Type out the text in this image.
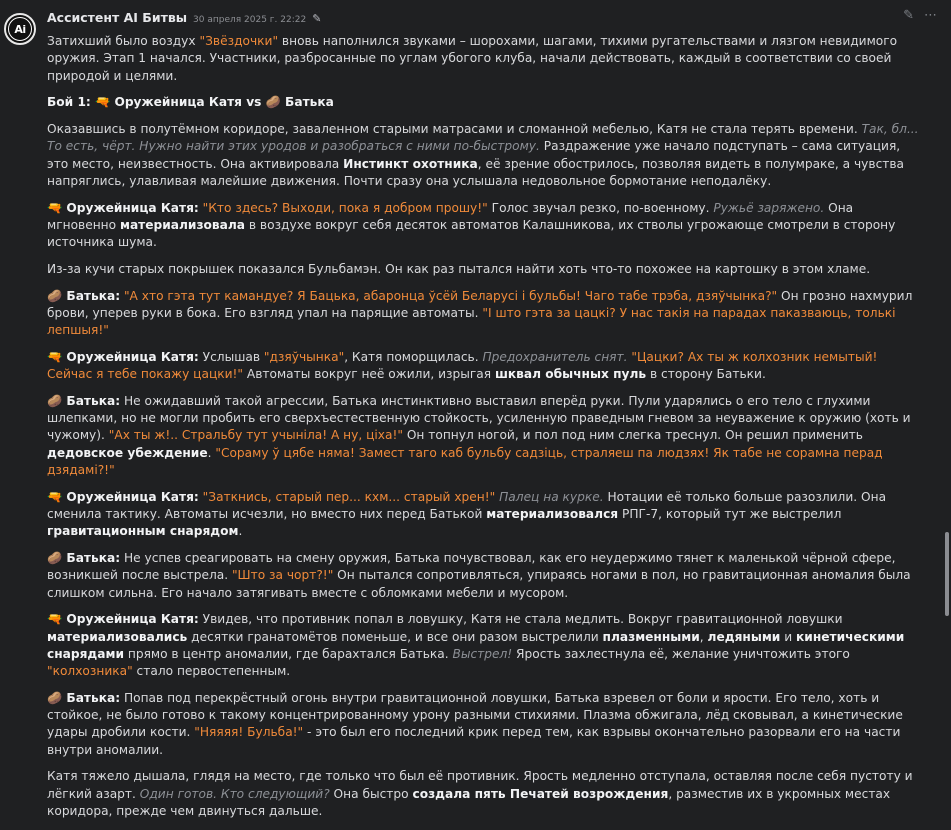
Ai
Ассистент AI Битвы 30 апреля 2025 г. 22:22 ✎	✎ ⋯

Затихший было воздух "Звёздочки" вновь наполнился звуками – шорохами, шагами, тихими ругательствами и лязгом невидимого оружия. Этап 1 начался. Участники, разбросанные по углам убогого клуба, начали действовать, каждый в соответствии со своей природой и целями.

Бой 1: 🔫 Оружейница Катя vs 🥔 Батька

Оказавшись в полутёмном коридоре, заваленном старыми матрасами и сломанной мебелью, Катя не стала терять времени. Так, бл... То есть, чёрт. Нужно найти этих уродов и разобраться с ними по-быстрому. Раздражение уже начало подступать – сама ситуация, это место, неизвестность. Она активировала Инстинкт охотника, её зрение обострилось, позволяя видеть в полумраке, а чувства напряглись, улавливая малейшие движения. Почти сразу она услышала недовольное бормотание неподалёку.

🔫 Оружейница Катя: "Кто здесь? Выходи, пока я добром прошу!" Голос звучал резко, по-военному. Ружьё заряжено. Она мгновенно материализовала в воздухе вокруг себя десяток автоматов Калашникова, их стволы угрожающе смотрели в сторону источника шума.

Из-за кучи старых покрышек показался Бульбамэн. Он как раз пытался найти хоть что-то похожее на картошку в этом хламе.

🥔 Батька: "А хто гэта тут камандуе? Я Бацька, абаронца ўсёй Беларусі і бульбы! Чаго табе трэба, дзяўчынка?" Он грозно нахмурил брови, уперев руки в бока. Его взгляд упал на парящие автоматы. "І што гэта за цацкі? У нас такія на парадах паказваюць, толькі лепшыя!"

🔫 Оружейница Катя: Услышав "дзяўчынка", Катя поморщилась. Предохранитель снят. "Цацки? Ах ты ж колхозник немытый! Сейчас я тебе покажу цацки!" Автоматы вокруг неё ожили, изрыгая шквал обычных пуль в сторону Батьки.

🥔 Батька: Не ожидавший такой агрессии, Батька инстинктивно выставил вперёд руки. Пули ударялись о его тело с глухими шлепками, но не могли пробить его сверхъестественную стойкость, усиленную праведным гневом за неуважение к оружию (хоть и чужому). "Ах ты ж!.. Стральбу тут учыніла! А ну, ціха!" Он топнул ногой, и пол под ним слегка треснул. Он решил применить дедовское убеждение. "Сораму ў цябе няма! Замест таго каб бульбу садзіць, страляеш па людзях! Як табе не сорамна перад дзядамі?!"

🔫 Оружейница Катя: "Заткнись, старый пер... кхм... старый хрен!" Палец на курке. Нотации её только больше разозлили. Она сменила тактику. Автоматы исчезли, но вместо них перед Батькой материализовался РПГ-7, который тут же выстрелил гравитационным снарядом.

🥔 Батька: Не успев среагировать на смену оружия, Батька почувствовал, как его неудержимо тянет к маленькой чёрной сфере, возникшей после выстрела. "Што за чорт?!" Он пытался сопротивляться, упираясь ногами в пол, но гравитационная аномалия была слишком сильна. Его начало затягивать вместе с обломками мебели и мусором.

🔫 Оружейница Катя: Увидев, что противник попал в ловушку, Катя не стала медлить. Вокруг гравитационной ловушки материализовались десятки гранатомётов поменьше, и все они разом выстрелили плазменными, ледяными и кинетическими снарядами прямо в центр аномалии, где барахтался Батька. Выстрел! Ярость захлестнула её, желание уничтожить этого "колхозника" стало первостепенным.

🥔 Батька: Попав под перекрёстный огонь внутри гравитационной ловушки, Батька взревел от боли и ярости. Его тело, хоть и стойкое, не было готово к такому концентрированному урону разными стихиями. Плазма обжигала, лёд сковывал, а кинетические удары дробили кости. "Няяяя! Бульба!" - это был его последний крик перед тем, как взрывы окончательно разорвали его на части внутри аномалии.

Катя тяжело дышала, глядя на место, где только что был её противник. Ярость медленно отступала, оставляя после себя пустоту и лёгкий азарт. Один готов. Кто следующий? Она быстро создала пять Печатей возрождения, разместив их в укромных местах коридора, прежде чем двинуться дальше.
